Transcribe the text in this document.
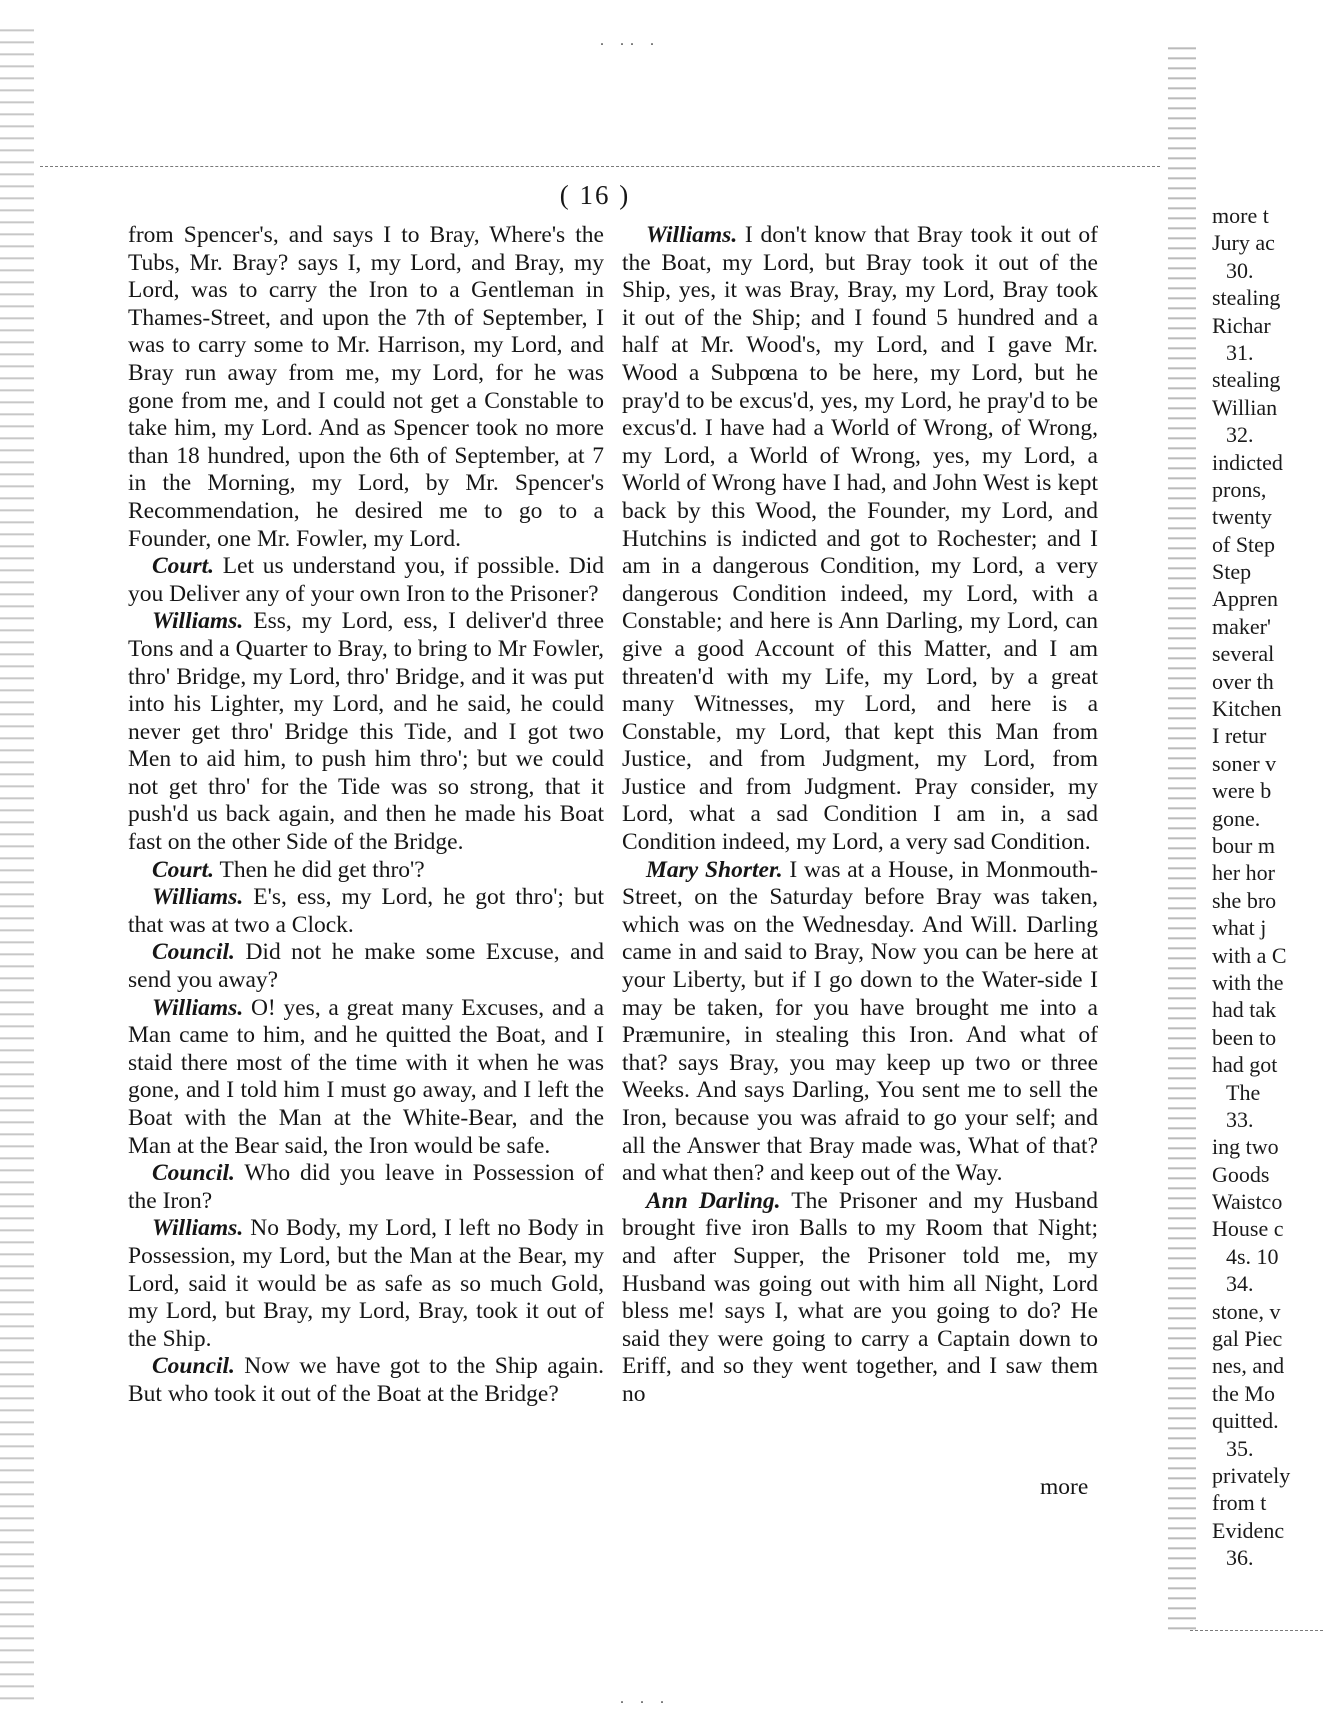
. .. .
. . .
( 16 )

from Spencer's, and says I to Bray, Where's the Tubs, Mr. Bray? says I, my Lord, and Bray, my Lord, was to carry the Iron to a Gentleman in Thames-Street, and upon the 7th of September, I was to carry some to Mr. Harrison, my Lord, and Bray run away from me, my Lord, for he was gone from me, and I could not get a Constable to take him, my Lord. And as Spencer took no more than 18 hundred, upon the 6th of September, at 7 in the Morning, my Lord, by Mr. Spencer's Recommendation, he desired me to go to a Founder, one Mr. Fowler, my Lord.

Court. Let us understand you, if possible. Did you Deliver any of your own Iron to the Prisoner?

Williams. Ess, my Lord, ess, I deliver'd three Tons and a Quarter to Bray, to bring to Mr Fowler, thro' Bridge, my Lord, thro' Bridge, and it was put into his Lighter, my Lord, and he said, he could never get thro' Bridge this Tide, and I got two Men to aid him, to push him thro'; but we could not get thro' for the Tide was so strong, that it push'd us back again, and then he made his Boat fast on the other Side of the Bridge.

Court. Then he did get thro'?

Williams. E's, ess, my Lord, he got thro'; but that was at two a Clock.

Council. Did not he make some Excuse, and send you away?

Williams. O! yes, a great many Excuses, and a Man came to him, and he quitted the Boat, and I staid there most of the time with it when he was gone, and I told him I must go away, and I left the Boat with the Man at the White-Bear, and the Man at the Bear said, the Iron would be safe.

Council. Who did you leave in Possession of the Iron?

Williams. No Body, my Lord, I left no Body in Possession, my Lord, but the Man at the Bear, my Lord, said it would be as safe as so much Gold, my Lord, but Bray, my Lord, Bray, took it out of the Ship.

Council. Now we have got to the Ship again. But who took it out of the Boat at the Bridge?

Williams. I don't know that Bray took it out of the Boat, my Lord, but Bray took it out of the Ship, yes, it was Bray, Bray, my Lord, Bray took it out of the Ship; and I found 5 hundred and a half at Mr. Wood's, my Lord, and I gave Mr. Wood a Subpœna to be here, my Lord, but he pray'd to be excus'd, yes, my Lord, he pray'd to be excus'd. I have had a World of Wrong, of Wrong, my Lord, a World of Wrong, yes, my Lord, a World of Wrong have I had, and John West is kept back by this Wood, the Founder, my Lord, and Hutchins is indicted and got to Rochester; and I am in a dangerous Condition, my Lord, a very dangerous Condition indeed, my Lord, with a Constable; and here is Ann Darling, my Lord, can give a good Account of this Matter, and I am threaten'd with my Life, my Lord, by a great many Witnesses, my Lord, and here is a Constable, my Lord, that kept this Man from Justice, and from Judgment, my Lord, from Justice and from Judgment. Pray consider, my Lord, what a sad Condition I am in, a sad Condition indeed, my Lord, a very sad Condition.

Mary Shorter. I was at a House, in Monmouth-Street, on the Saturday before Bray was taken, which was on the Wednesday. And Will. Darling came in and said to Bray, Now you can be here at your Liberty, but if I go down to the Water-side I may be taken, for you have brought me into a Præmunire, in stealing this Iron. And what of that? says Bray, you may keep up two or three Weeks. And says Darling, You sent me to sell the Iron, because you was afraid to go your self; and all the Answer that Bray made was, What of that? and what then? and keep out of the Way.

Ann Darling. The Prisoner and my Husband brought five iron Balls to my Room that Night; and after Supper, the Prisoner told me, my Husband was going out with him all Night, Lord bless me! says I, what are you going to do? He said they were going to carry a Captain down to Eriff, and so they went together, and I saw them no

more
more t
Jury ac
30.
stealing
Richar
31.
stealing
Willian
32.
indicted
prons,
twenty
of Step
Step
Appren
maker'
several
over th
Kitchen
I retur
soner v
were b
gone.
bour m
her hor
she bro
what j
with a C
with the
had tak
been to
had got
The
33.
ing two
Goods
Waistco
House c
4s. 10
34.
stone, v
gal Piec
nes, and
the Mo
quitted.
35.
privately
from t
Evidenc
36.
